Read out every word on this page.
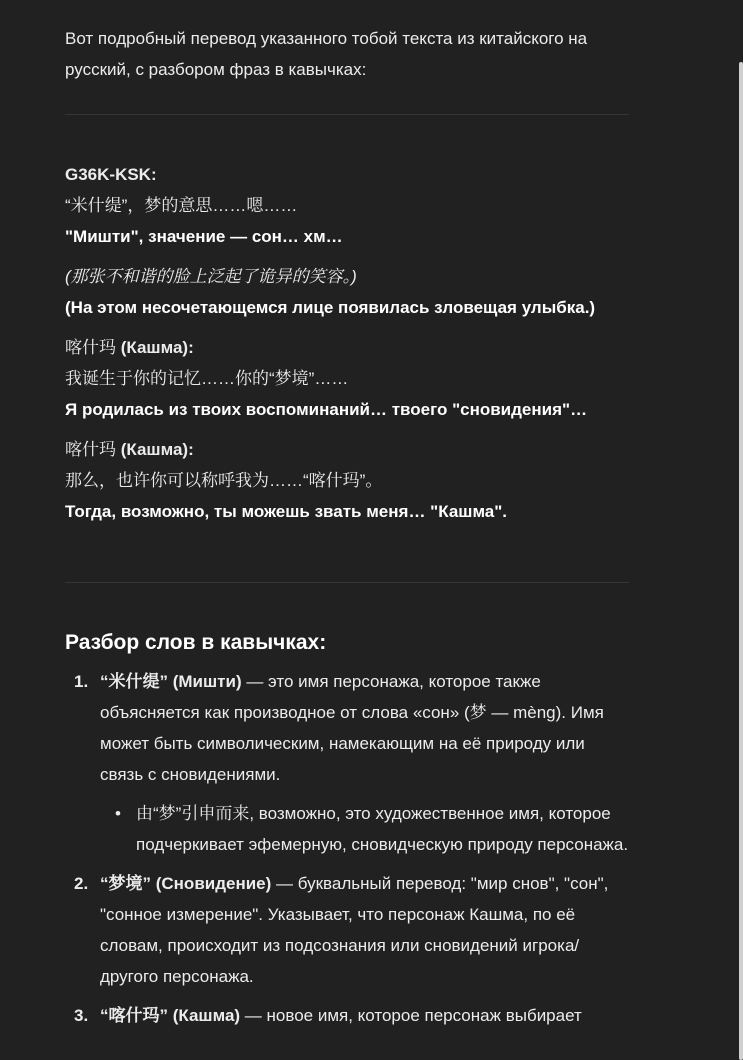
Вот подробный перевод указанного тобой текста из китайского на русский, с разбором фраз в кавычках:

G36K-KSK:

“米什缇”，梦的意思……嗯……

"Мишти", значение — сон… хм…

(那张不和谐的脸上泛起了诡异的笑容。)

(На этом несочетающемся лице появилась зловещая улыбка.)

喀什玛 (Кашма):

我诞生于你的记忆……你的“梦境”……

Я родилась из твоих воспоминаний… твоего "сновидения"…

喀什玛 (Кашма):

那么，也许你可以称呼我为……“喀什玛”。

Тогда, возможно, ты можешь звать меня… "Кашма".

Разбор слов в кавычках:
1. “米什缇” (Мишти) — это имя персонажа, которое также объясняется как производное от слова «сон» (梦 — mèng). Имя может быть символическим, намекающим на её природу или связь с сновидениями.
• 由“梦”引申而来, возможно, это художественное имя, которое подчеркивает эфемерную, сновидческую природу персонажа.
2. “梦境” (Сновидение) — буквальный перевод: "мир снов", "сон", "сонное измерение". Указывает, что персонаж Кашма, по её словам, происходит из подсознания или сновидений игрока/другого персонажа.
3. “喀什玛” (Кашма) — новое имя, которое персонаж выбирает
